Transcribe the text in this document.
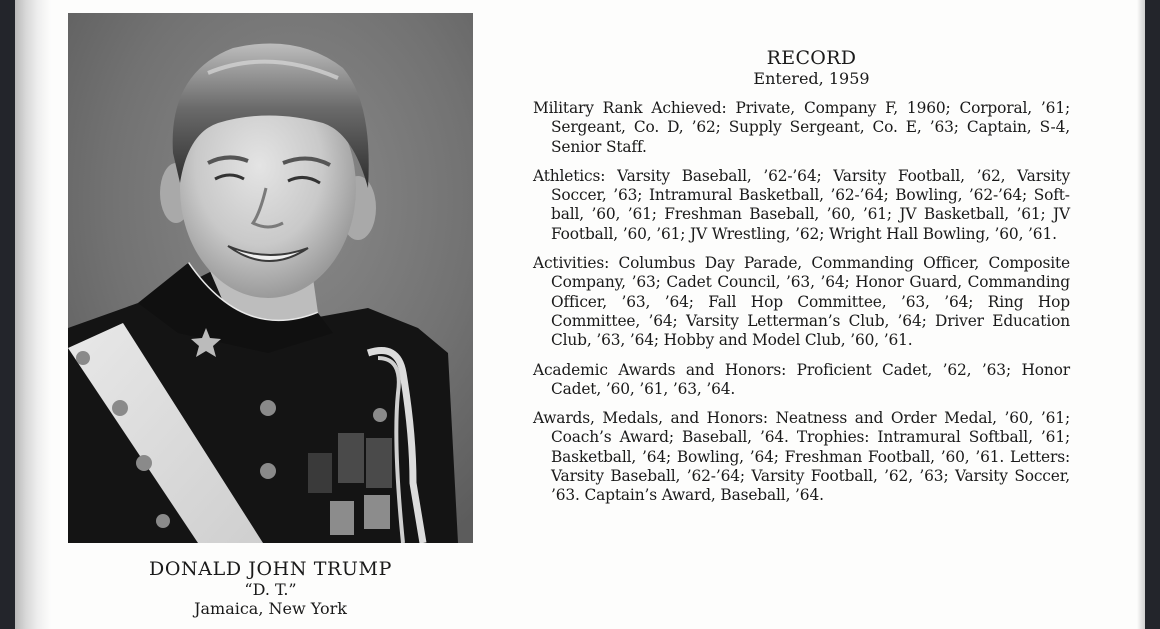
DONALD JOHN TRUMP
“D. T.”
Jamaica, New York
RECORD
Entered, 1959
Military Rank Achieved: Private, Company F, 1960; Corporal, ’61; Sergeant, Co. D, ’62; Supply Sergeant, Co. E, ’63; Captain, S-4, Senior Staff.
Athletics: Varsity Baseball, ’62-’64; Varsity Football, ’62, Varsity Soccer, ’63; Intramural Basketball, ’62-’64; Bowling, ’62-’64; Softball, ’60, ’61; Freshman Baseball, ’60, ’61; JV Basketball, ’61; JV Football, ’60, ’61; JV Wrestling, ’62; Wright Hall Bowling, ’60, ’61.
Activities: Columbus Day Parade, Commanding Officer, Composite Company, ’63; Cadet Council, ’63, ’64; Honor Guard, Commanding Officer, ’63, ’64; Fall Hop Committee, ’63, ’64; Ring Hop Committee, ’64; Varsity Letterman’s Club, ’64; Driver Education Club, ’63, ’64; Hobby and Model Club, ’60, ’61.
Academic Awards and Honors: Proficient Cadet, ’62, ’63; Honor Cadet, ’60, ’61, ’63, ’64.
Awards, Medals, and Honors: Neatness and Order Medal, ’60, ’61; Coach’s Award; Baseball, ’64. Trophies: Intramural Softball, ’61; Basketball, ’64; Bowling, ’64; Freshman Football, ’60, ’61. Letters: Varsity Baseball, ’62-’64; Varsity Football, ’62, ’63; Varsity Soccer, ’63. Captain’s Award, Baseball, ’64.
